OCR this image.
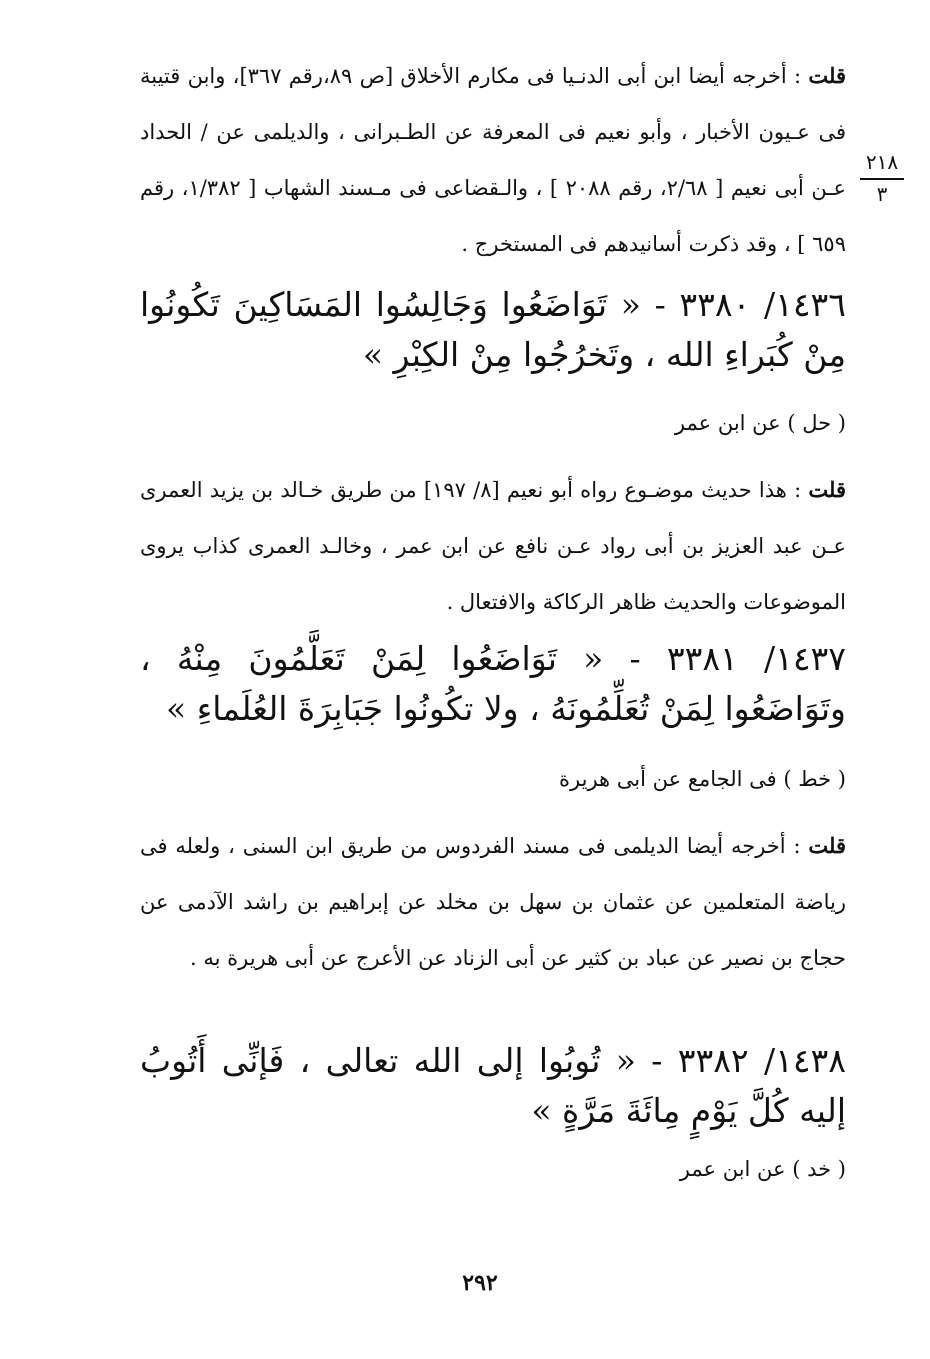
٢١٨
٣
قلت : أخرجه أيضا ابن أبى الدنـيا فى مكارم الأخلاق [ص ٨٩،رقم ٣٦٧]، وابن قتيبة فى عـيون الأخبار ، وأبو نعيم فى المعرفة عن الطـبرانى ، والديلمى عن / الحداد عـن أبى نعيم [ ٢/٦٨، رقم ٢٠٨٨ ] ، والـقضاعى فى مـسند الشهاب [ ١/٣٨٢، رقم ٦٥٩ ] ، وقد ذكرت أسانيدهم فى المستخرج .
١٤٣٦/ ٣٣٨٠ - « تَوَاضَعُوا وَجَالِسُوا المَسَاكِينَ تَكُونُوا مِنْ كُبَراءِ الله ، وتَخرُجُوا مِنْ الكِبْرِ »
( حل ) عن ابن عمر
قلت : هذا حديث موضـوع رواه أبو نعيم [٨/ ١٩٧] من طريق خـالد بن يزيد العمرى عـن عبد العزيز بن أبى رواد عـن نافع عن ابن عمر ، وخالـد العمرى كذاب يروى الموضوعات والحديث ظاهر الركاكة والافتعال .
١٤٣٧/ ٣٣٨١ - « تَوَاضَعُوا لِمَنْ تَعَلَّمُونَ مِنْهُ ، وتَوَاضَعُوا لِمَنْ تُعَلِّمُونَهُ ، ولا تكُونُوا جَبَابِرَةَ العُلَماءِ »
( خط ) فى الجامع عن أبى هريرة
قلت : أخرجه أيضا الديلمى فى مسند الفردوس من طريق ابن السنى ، ولعله فى رياضة المتعلمين عن عثمان بن سهل بن مخلد عن إبراهيم بن راشد الآدمى عن حجاج بن نصير عن عباد بن كثير عن أبى الزناد عن الأعرج عن أبى هريرة به .
١٤٣٨/ ٣٣٨٢ - « تُوبُوا إلى الله تعالى ، فَإنِّى أَتُوبُ إليه كُلَّ يَوْمٍ مِائَةَ مَرَّةٍ »
( خد ) عن ابن عمر
٢٩٢
